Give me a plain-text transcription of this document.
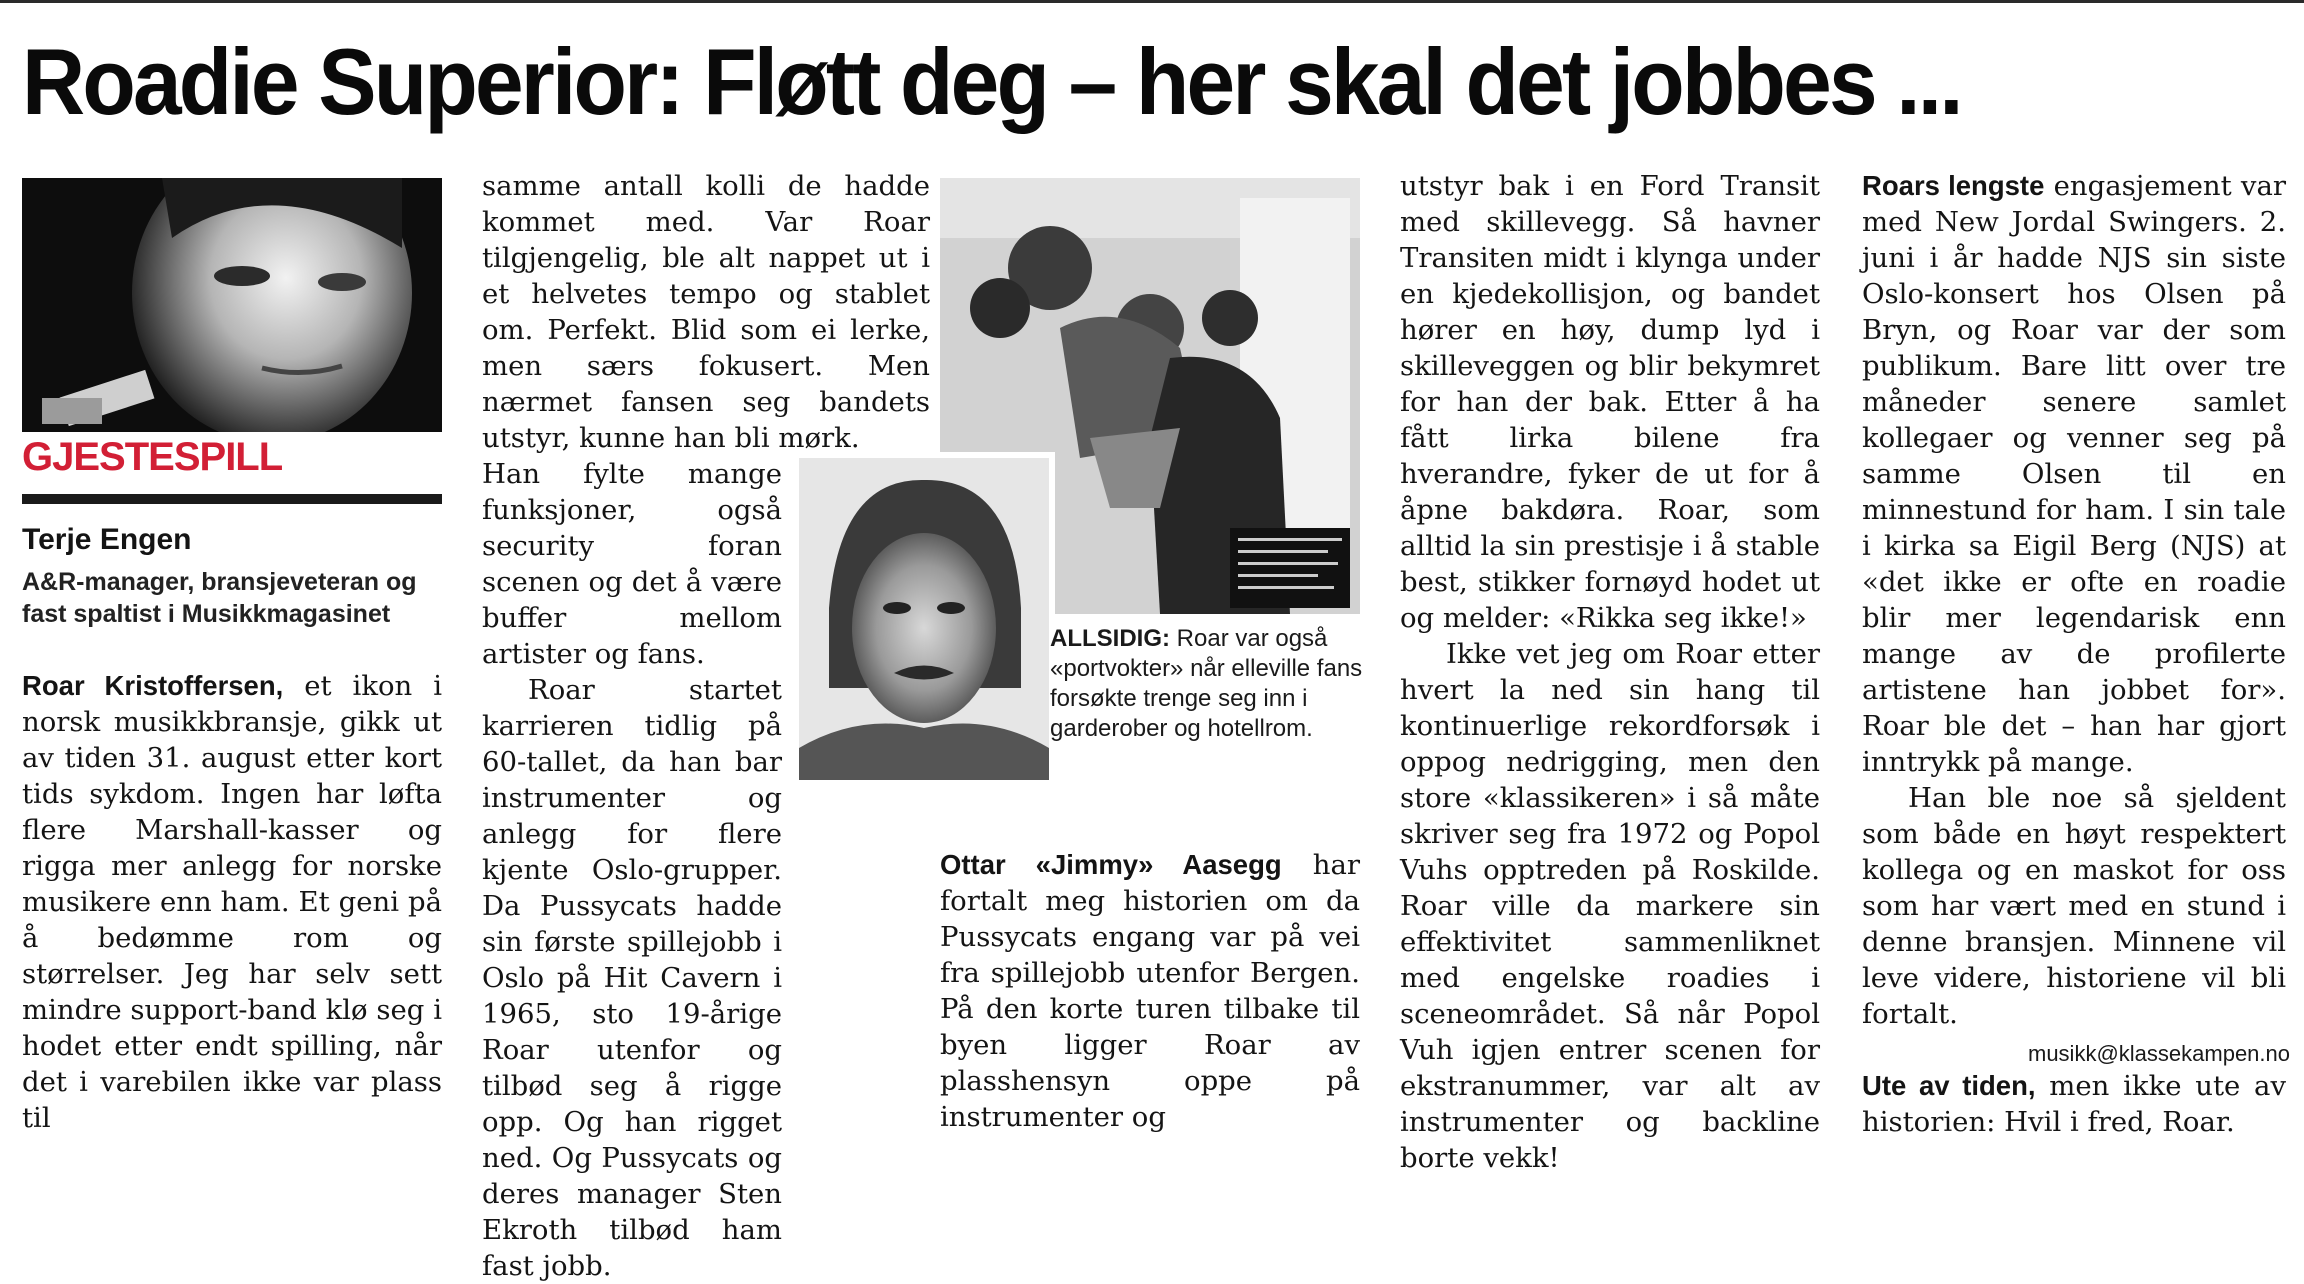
Roadie Superior: Fløtt deg – her skal det jobbes ...
GJESTESPILL
Terje Engen
A&R-manager, bransjeveteran og fast spaltist i Musikkmagasinet

Roar Kristoffersen, et ikon i norsk musikkbransje, gikk ut av tiden 31. august etter kort tids sykdom. Ingen har løfta flere Marshall-kasser og rigga mer anlegg for norske musikere enn ham. Et geni på å bedømme rom og størrelser. Jeg har selv sett mindre support-band klø seg i hodet etter endt spilling, når det i varebilen ikke var plass til

samme antall kolli de hadde kommet med. Var Roar tilgjengelig, ble alt nappet ut i et helvetes tempo og stablet om. Perfekt. Blid som ei lerke, men særs fokusert. Men nærmet fansen seg bandets utstyr, kunne han bli mørk.

Han fylte mange funksjoner, også security foran scenen og det å være buffer mellom artister og fans.

Roar startet karrieren tidlig på 60-tallet, da han bar instrumenter og anlegg for flere kjente Oslo-grupper. Da Pussycats hadde sin første spillejobb i Oslo på Hit Cavern i 1965, sto 19-årige Roar utenfor og tilbød seg å rigge opp. Og han rigget ned. Og Pussycats og deres manager Sten Ekroth tilbød ham fast jobb.

ALLSIDIG: Roar var også «portvokter» når elleville fans forsøkte trenge seg inn i garderober og hotellrom.

Ottar «Jimmy» Aasegg har fortalt meg historien om da Pussycats engang var på vei fra spillejobb utenfor Bergen. På den korte turen tilbake til byen ligger Roar av plasshensyn oppe på instrumenter og

utstyr bak i en Ford Transit med skillevegg. Så havner Transiten midt i klynga under en kjedekollisjon, og bandet hører en høy, dump lyd i skilleveggen og blir bekymret for han der bak. Etter å ha fått lirka bilene fra hverandre, fyker de ut for å åpne bakdøra. Roar, som alltid la sin prestisje i å stable best, stikker fornøyd hodet ut og melder: «Rikka seg ikke!»

Ikke vet jeg om Roar etter hvert la ned sin hang til kontinuerlige rekordforsøk i oppog nedrigging, men den store «klassikeren» i så måte skriver seg fra 1972 og Popol Vuhs opptreden på Roskilde. Roar ville da markere sin effektivitet sammenliknet med engelske roadies i sceneområdet. Så når Popol Vuh igjen entrer scenen for ekstranummer, var alt av instrumenter og backline borte vekk!

Roars lengste engasjement var med New Jordal Swingers. 2. juni i år hadde NJS sin siste Oslo-konsert hos Olsen på Bryn, og Roar var der som publikum. Bare litt over tre måneder senere samlet kollegaer og venner seg på samme Olsen til en minnestund for ham. I sin tale i kirka sa Eigil Berg (NJS) at «det ikke er ofte en roadie blir mer legendarisk enn mange av de profilerte artistene han jobbet for». Roar ble det – han har gjort inntrykk på mange.

Han ble noe så sjeldent som både en høyt respektert kollega og en maskot for oss som har vært med en stund i denne bransjen. Minnene vil leve videre, historiene vil bli fortalt.

Ute av tiden, men ikke ute av historien: Hvil i fred, Roar.

musikk@klassekampen.no
